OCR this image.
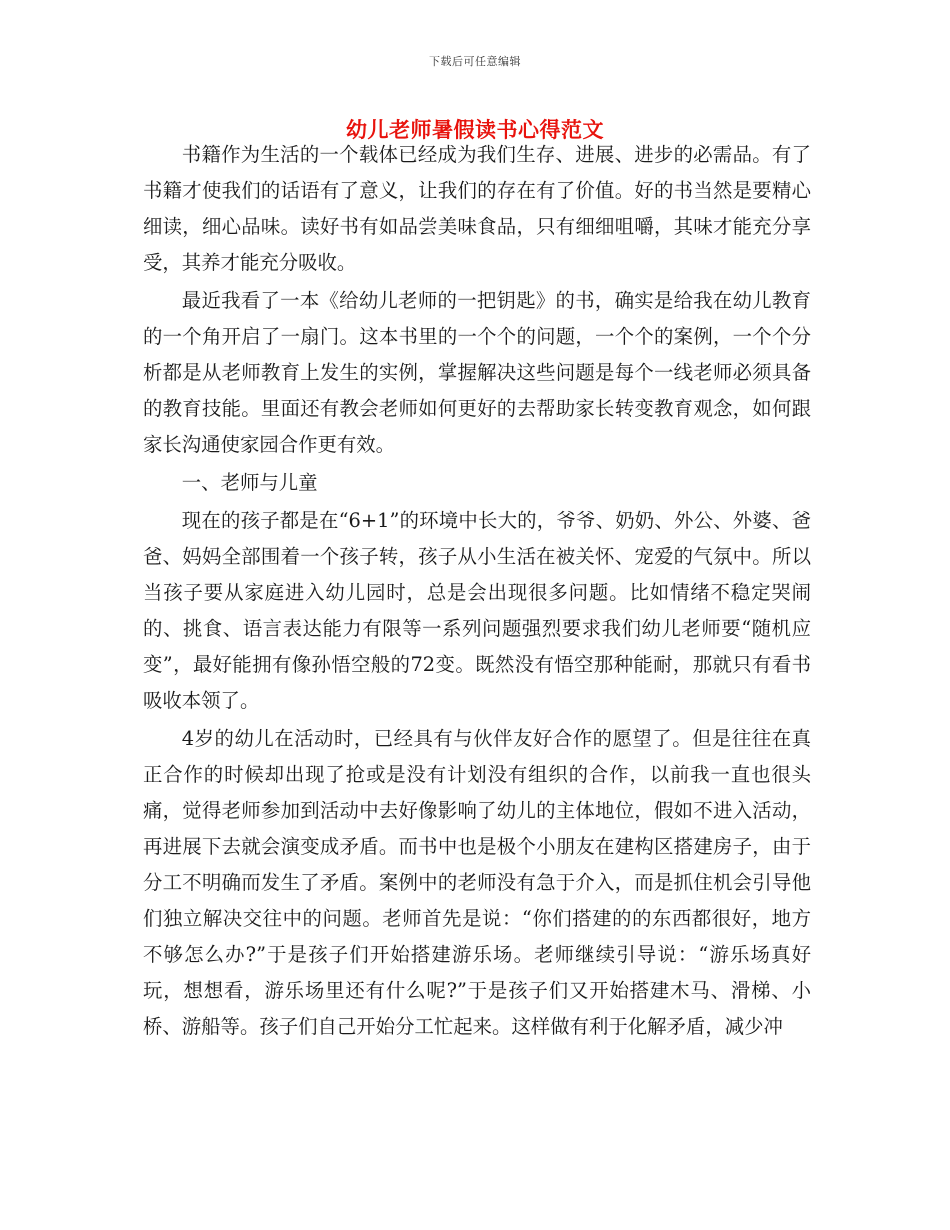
下载后可任意编辑
幼儿老师暑假读书心得范文

书籍作为生活的一个载体已经成为我们生存、进展、进步的必需品。有了书籍才使我们的话语有了意义，让我们的存在有了价值。好的书当然是要精心细读，细心品味。读好书有如品尝美味食品，只有细细咀嚼，其味才能充分享受，其养才能充分吸收。

最近我看了一本《给幼儿老师的一把钥匙》的书，确实是给我在幼儿教育的一个角开启了一扇门。这本书里的一个个的问题，一个个的案例，一个个分析都是从老师教育上发生的实例，掌握解决这些问题是每个一线老师必须具备的教育技能。里面还有教会老师如何更好的去帮助家长转变教育观念，如何跟家长沟通使家园合作更有效。

一、老师与儿童

现在的孩子都是在“6+1”的环境中长大的，爷爷、奶奶、外公、外婆、爸爸、妈妈全部围着一个孩子转，孩子从小生活在被关怀、宠爱的气氛中。所以当孩子要从家庭进入幼儿园时，总是会出现很多问题。比如情绪不稳定哭闹的、挑食、语言表达能力有限等一系列问题强烈要求我们幼儿老师要“随机应变”，最好能拥有像孙悟空般的72变。既然没有悟空那种能耐，那就只有看书吸收本领了。

4岁的幼儿在活动时，已经具有与伙伴友好合作的愿望了。但是往往在真正合作的时候却出现了抢或是没有计划没有组织的合作，以前我一直也很头痛，觉得老师参加到活动中去好像影响了幼儿的主体地位，假如不进入活动，再进展下去就会演变成矛盾。而书中也是极个小朋友在建构区搭建房子，由于分工不明确而发生了矛盾。案例中的老师没有急于介入，而是抓住机会引导他们独立解决交往中的问题。老师首先是说：“你们搭建的的东西都很好，地方不够怎么办?”于是孩子们开始搭建游乐场。老师继续引导说：“游乐场真好玩，想想看，游乐场里还有什么呢?”于是孩子们又开始搭建木马、滑梯、小桥、游船等。孩子们自己开始分工忙起来。这样做有利于化解矛盾，减少冲
